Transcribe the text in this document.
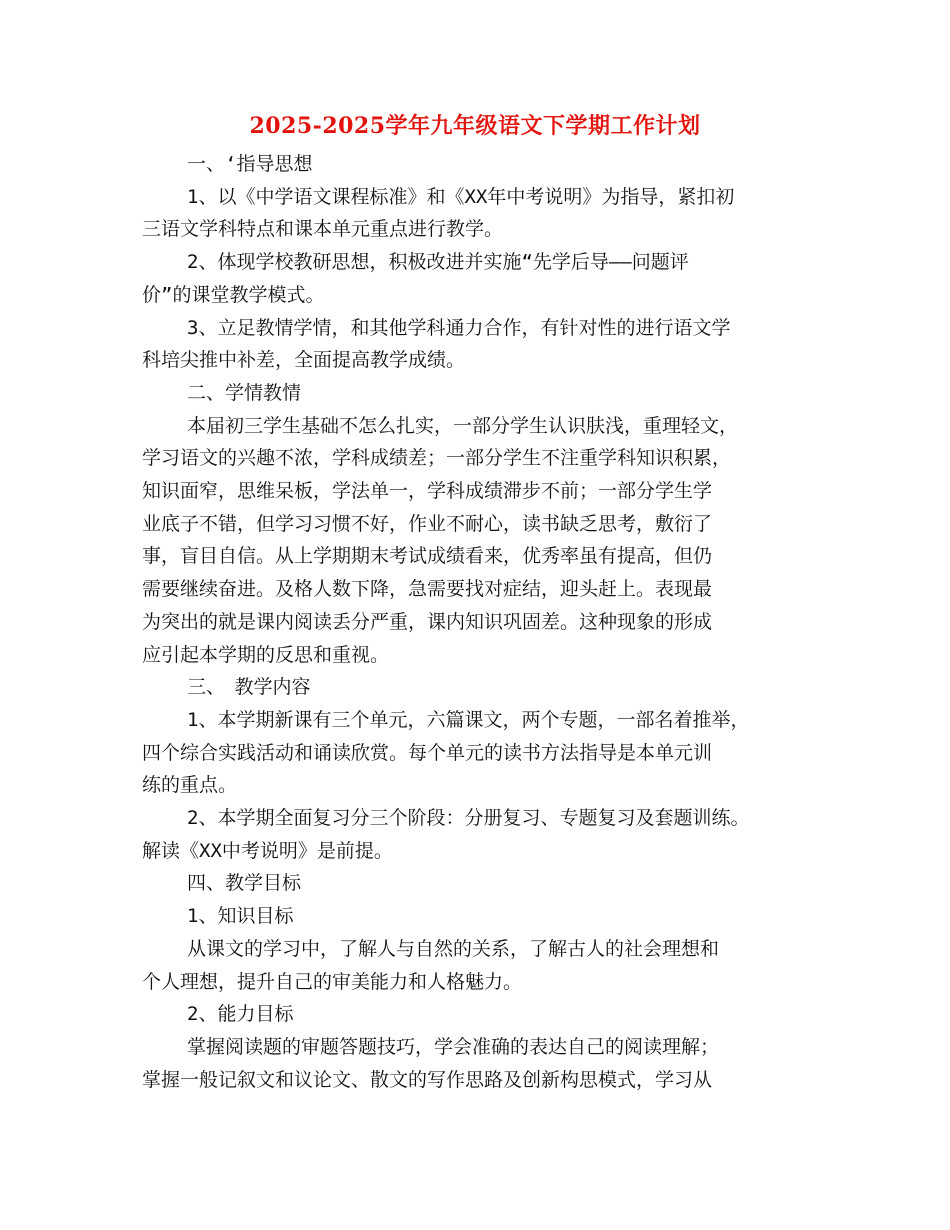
2025-2025学年九年级语文下学期工作计划
一、‘指导思想
1、以《中学语文课程标准》和《XX年中考说明》为指导，紧扣初
三语文学科特点和课本单元重点进行教学。
2、体现学校教研思想，积极改进并实施“先学后导——问题评
价”的课堂教学模式。
3、立足教情学情，和其他学科通力合作，有针对性的进行语文学
科培尖推中补差，全面提高教学成绩。
二、学情教情
本届初三学生基础不怎么扎实，一部分学生认识肤浅，重理轻文，
学习语文的兴趣不浓，学科成绩差；一部分学生不注重学科知识积累，
知识面窄，思维呆板，学法单一，学科成绩滞步不前；一部分学生学
业底子不错，但学习习惯不好，作业不耐心，读书缺乏思考，敷衍了
事，盲目自信。从上学期期末考试成绩看来，优秀率虽有提高，但仍
需要继续奋进。及格人数下降，急需要找对症结，迎头赶上。表现最
为突出的就是课内阅读丢分严重，课内知识巩固差。这种现象的形成
应引起本学期的反思和重视。
三、　教学内容
1、本学期新课有三个单元，六篇课文，两个专题，一部名着推举，
四个综合实践活动和诵读欣赏。每个单元的读书方法指导是本单元训
练的重点。
2、本学期全面复习分三个阶段：分册复习、专题复习及套题训练。
解读《XX中考说明》是前提。
四、教学目标
1、知识目标
从课文的学习中，了解人与自然的关系，了解古人的社会理想和
个人理想，提升自己的审美能力和人格魅力。
2、能力目标
掌握阅读题的审题答题技巧，学会准确的表达自己的阅读理解；
掌握一般记叙文和议论文、散文的写作思路及创新构思模式，学习从
